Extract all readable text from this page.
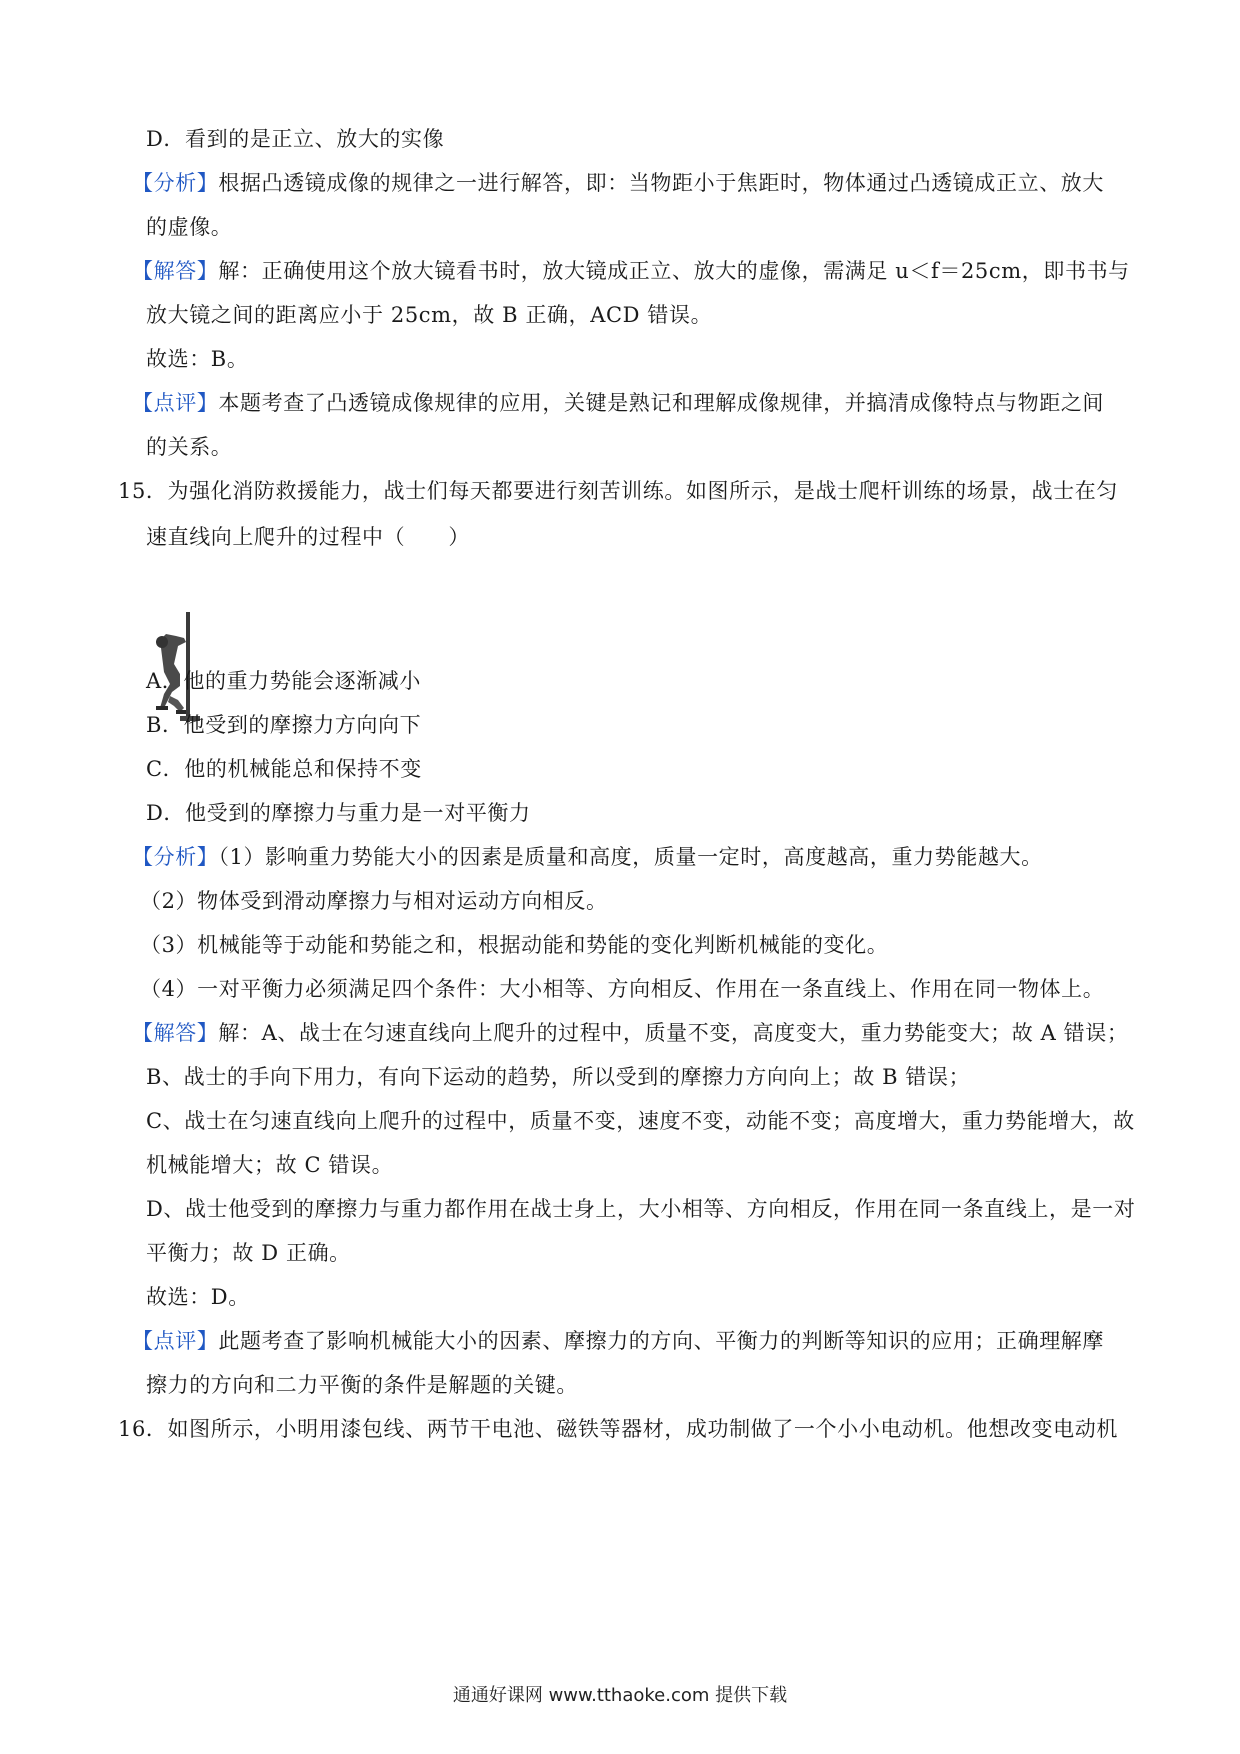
D．看到的是正立、放大的实像
【分析】根据凸透镜成像的规律之一进行解答，即：当物距小于焦距时，物体通过凸透镜成正立、放大
的虚像。
【解答】解：正确使用这个放大镜看书时，放大镜成正立、放大的虚像，需满足 u＜f＝25cm，即书书与
放大镜之间的距离应小于 25cm，故 B 正确，ACD 错误。
故选：B。
【点评】本题考查了凸透镜成像规律的应用，关键是熟记和理解成像规律，并搞清成像特点与物距之间
的关系。
15．为强化消防救援能力，战士们每天都要进行刻苦训练。如图所示，是战士爬杆训练的场景，战士在匀
速直线向上爬升的过程中（　　）
A．他的重力势能会逐渐减小
B．他受到的摩擦力方向向下
C．他的机械能总和保持不变
D．他受到的摩擦力与重力是一对平衡力
【分析】（1）影响重力势能大小的因素是质量和高度，质量一定时，高度越高，重力势能越大。
（2）物体受到滑动摩擦力与相对运动方向相反。
（3）机械能等于动能和势能之和，根据动能和势能的变化判断机械能的变化。
（4）一对平衡力必须满足四个条件：大小相等、方向相反、作用在一条直线上、作用在同一物体上。
【解答】解：A、战士在匀速直线向上爬升的过程中，质量不变，高度变大，重力势能变大；故 A 错误；
B、战士的手向下用力，有向下运动的趋势，所以受到的摩擦力方向向上；故 B 错误；
C、战士在匀速直线向上爬升的过程中，质量不变，速度不变，动能不变；高度增大，重力势能增大，故
机械能增大；故 C 错误。
D、战士他受到的摩擦力与重力都作用在战士身上，大小相等、方向相反，作用在同一条直线上，是一对
平衡力；故 D 正确。
故选：D。
【点评】此题考查了影响机械能大小的因素、摩擦力的方向、平衡力的判断等知识的应用；正确理解摩
擦力的方向和二力平衡的条件是解题的关键。
16．如图所示，小明用漆包线、两节干电池、磁铁等器材，成功制做了一个小小电动机。他想改变电动机
通通好课网 www.tthaoke.com 提供下载
